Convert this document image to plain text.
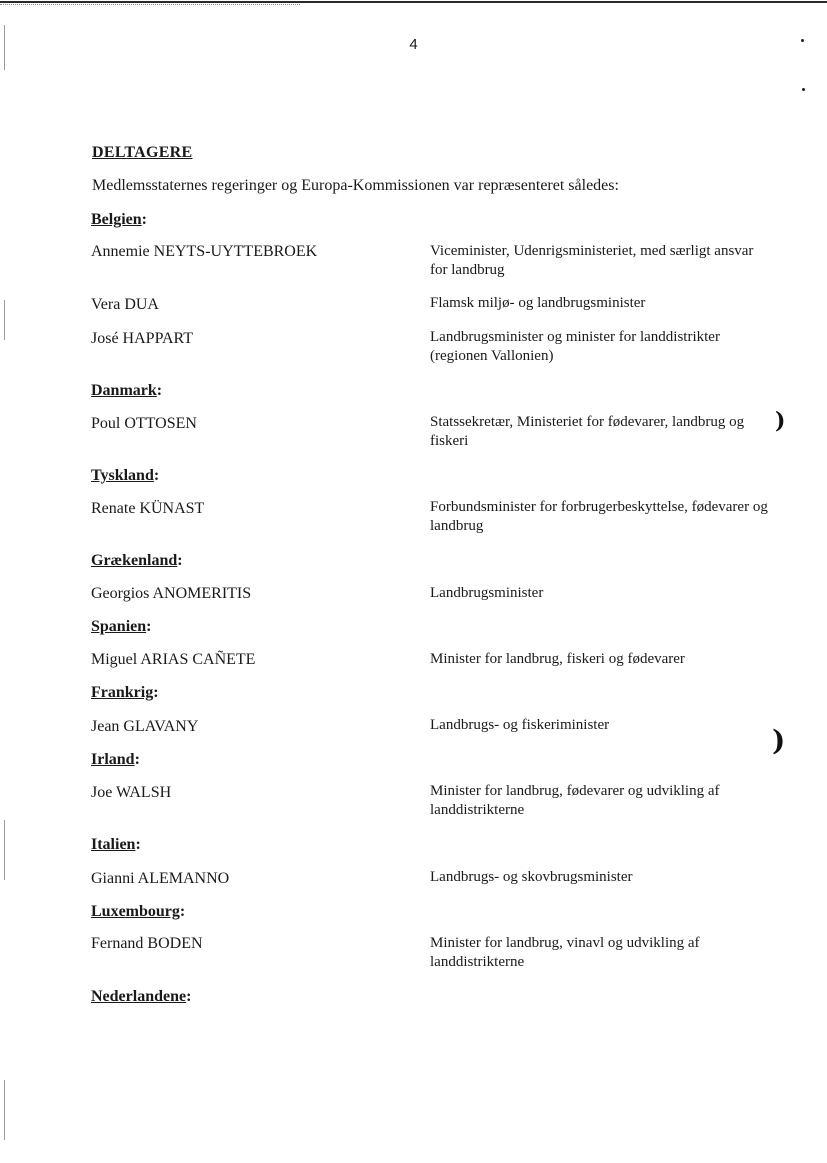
)
)
4
DELTAGERE
Medlemsstaternes regeringer og Europa-Kommissionen var repræsenteret således:
Belgien:
Annemie NEYTS-UYTTEBROEK	Viceminister, Udenrigsministeriet, med særligt ansvar for landbrug
Vera DUA	Flamsk miljø- og landbrugsminister
José HAPPART	Landbrugsminister og minister for landdistrikter (regionen Vallonien)
Danmark:
Poul OTTOSEN	Statssekretær, Ministeriet for fødevarer, landbrug og fiskeri
Tyskland:
Renate KÜNAST	Forbundsminister for forbrugerbeskyttelse, fødevarer og landbrug
Grækenland:
Georgios ANOMERITIS	Landbrugsminister
Spanien:
Miguel ARIAS CAÑETE	Minister for landbrug, fiskeri og fødevarer
Frankrig:
Jean GLAVANY	Landbrugs- og fiskeriminister
Irland:
Joe WALSH	Minister for landbrug, fødevarer og udvikling af landdistrikterne
Italien:
Gianni ALEMANNO	Landbrugs- og skovbrugsminister
Luxembourg:
Fernand BODEN	Minister for landbrug, vinavl og udvikling af landdistrikterne
Nederlandene:
